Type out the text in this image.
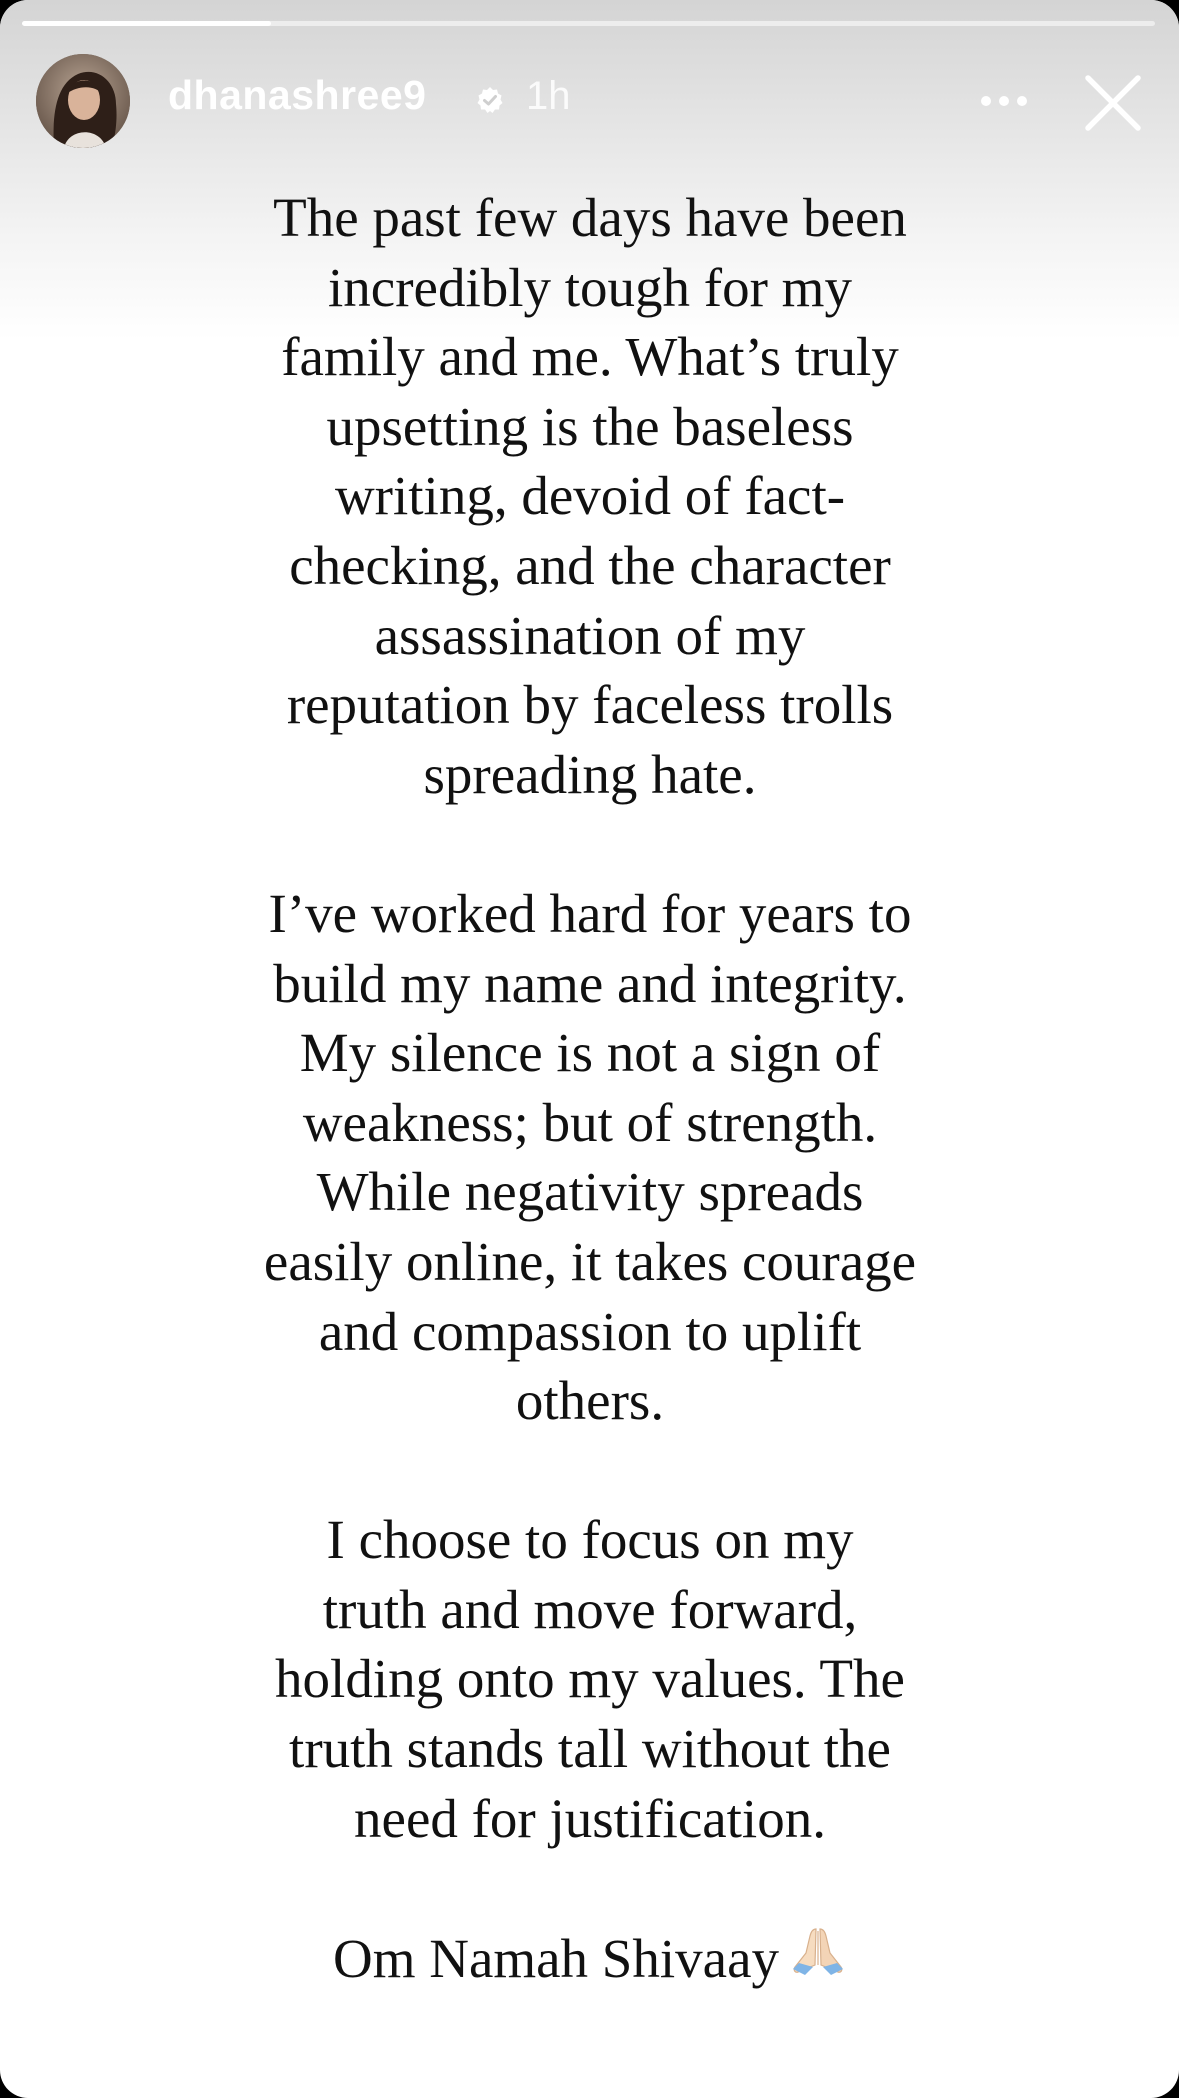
dhanashree9 1h

The past few days have been
incredibly tough for my
family and me. What’s truly
upsetting is the baseless
writing, devoid of fact-
checking, and the character
assassination of my
reputation by faceless trolls
spreading hate.

I’ve worked hard for years to
build my name and integrity.
My silence is not a sign of
weakness; but of strength.
While negativity spreads
easily online, it takes courage
and compassion to uplift
others.

I choose to focus on my
truth and move forward,
holding onto my values. The
truth stands tall without the
need for justification.

Om Namah Shivaay
